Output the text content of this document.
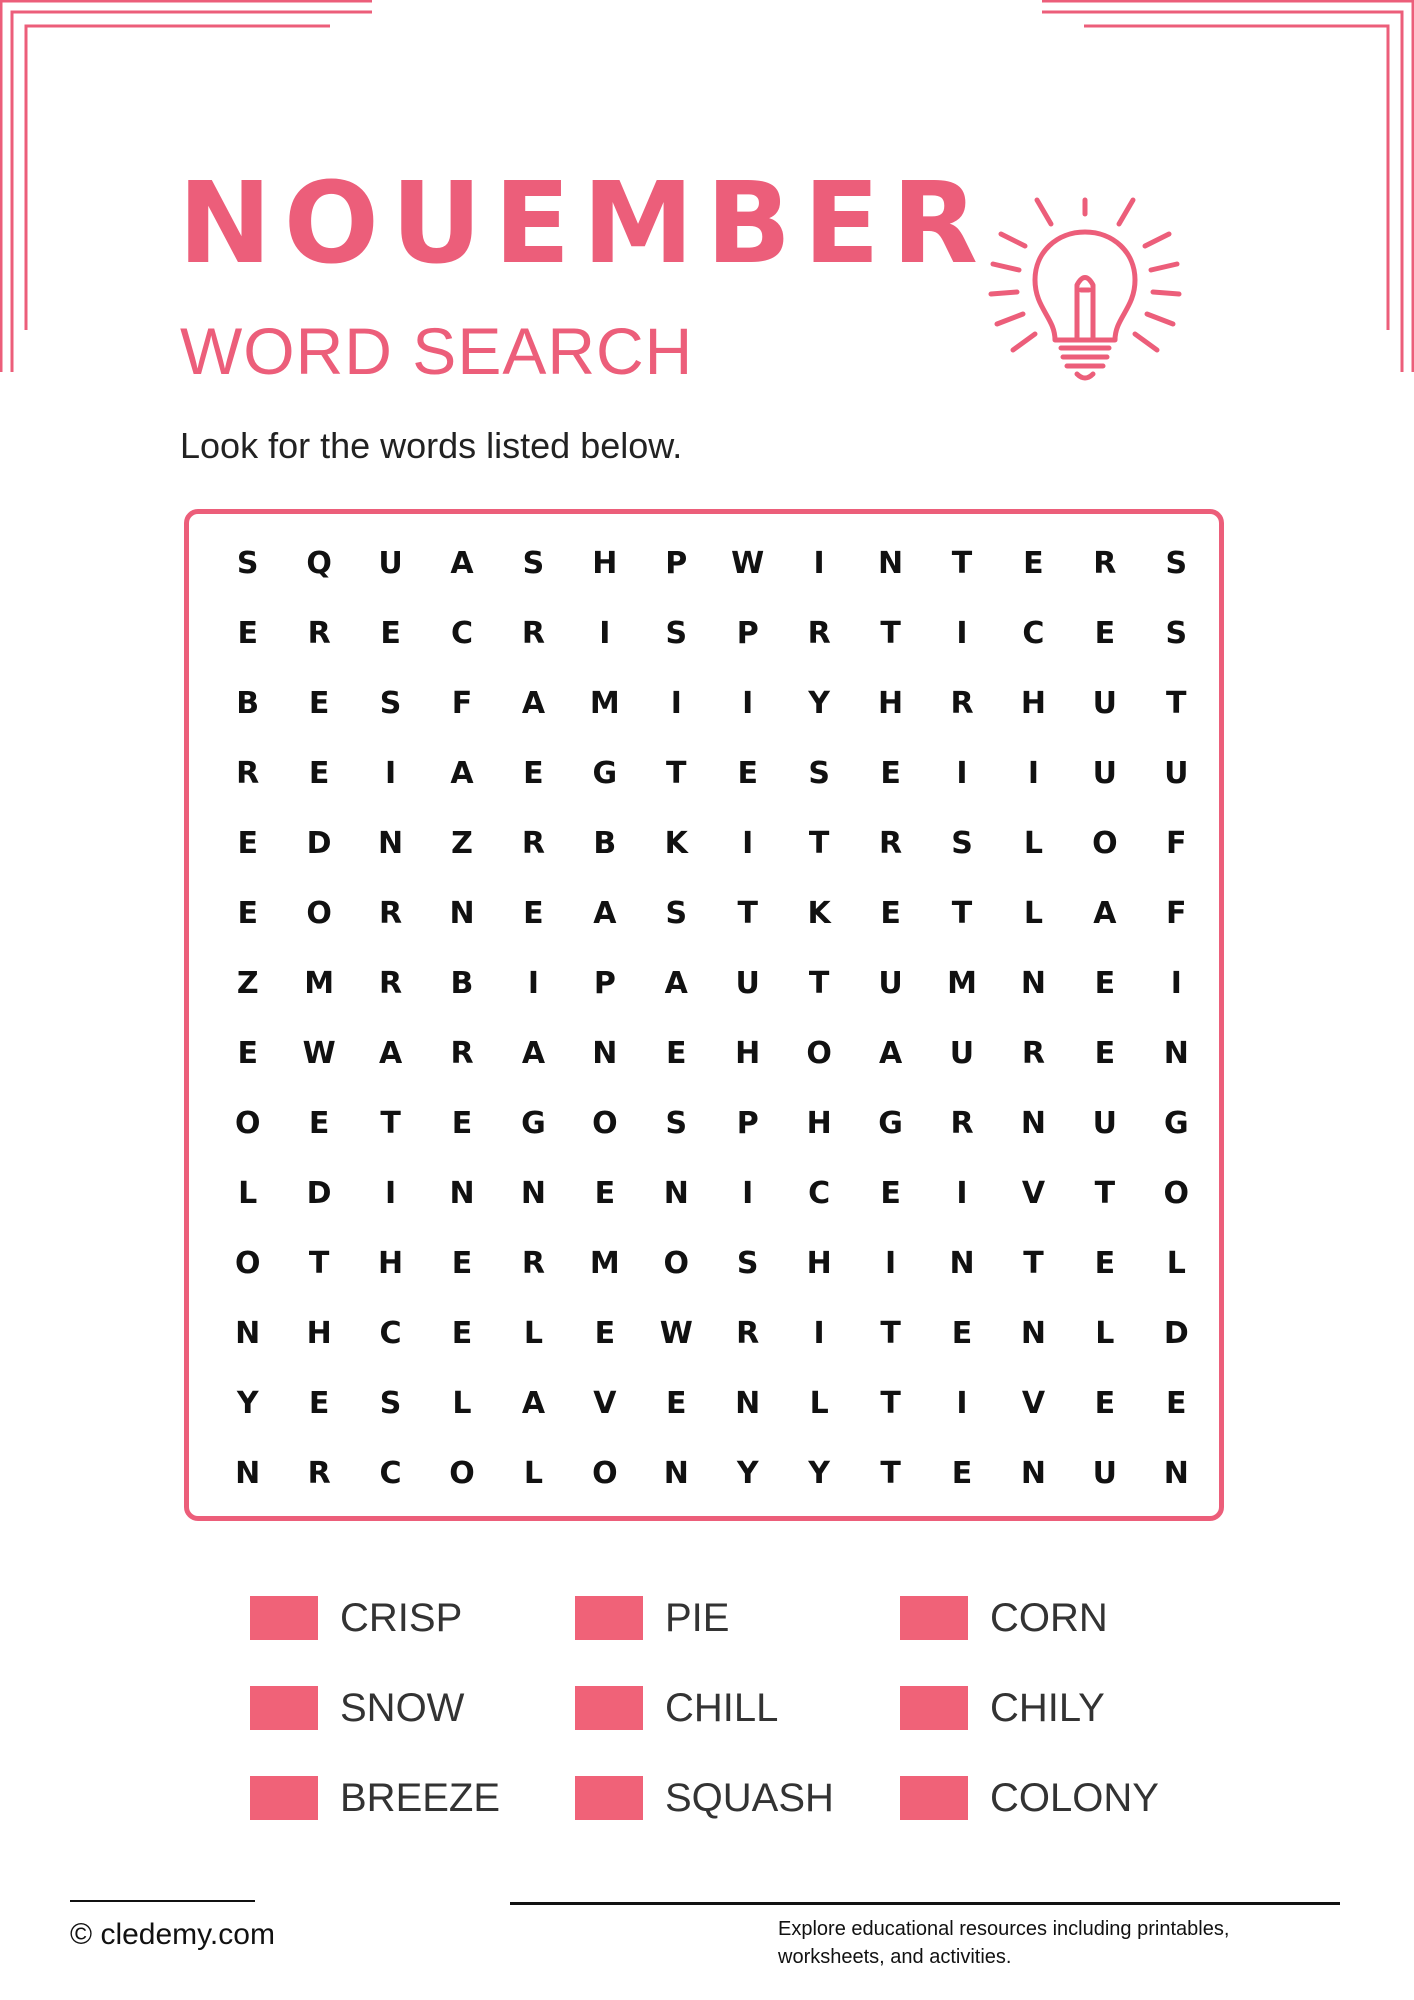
NOUEMBER
WORD SEARCH

Look for the words listed below.

S	Q	U	A	S	H	P	W	I	N	T	E	R	S
E	R	E	C	R	I	S	P	R	T	I	C	E	S
B	E	S	F	A	M	I	I	Y	H	R	H	U	T
R	E	I	A	E	G	T	E	S	E	I	I	U	U
E	D	N	Z	R	B	K	I	T	R	S	L	O	F
E	O	R	N	E	A	S	T	K	E	T	L	A	F
Z	M	R	B	I	P	A	U	T	U	M	N	E	I
E	W	A	R	A	N	E	H	O	A	U	R	E	N
O	E	T	E	G	O	S	P	H	G	R	N	U	G
L	D	I	N	N	E	N	I	C	E	I	V	T	O
O	T	H	E	R	M	O	S	H	I	N	T	E	L
N	H	C	E	L	E	W	R	I	T	E	N	L	D
Y	E	S	L	A	V	E	N	L	T	I	V	E	E
N	R	C	O	L	O	N	Y	Y	T	E	N	U	N
CRISP	PIE	CORN
SNOW	CHILL	CHILY
BREEZE	SQUASH	COLONY
© cledemy.com	Explore educational resources including printables, worksheets, and activities.
